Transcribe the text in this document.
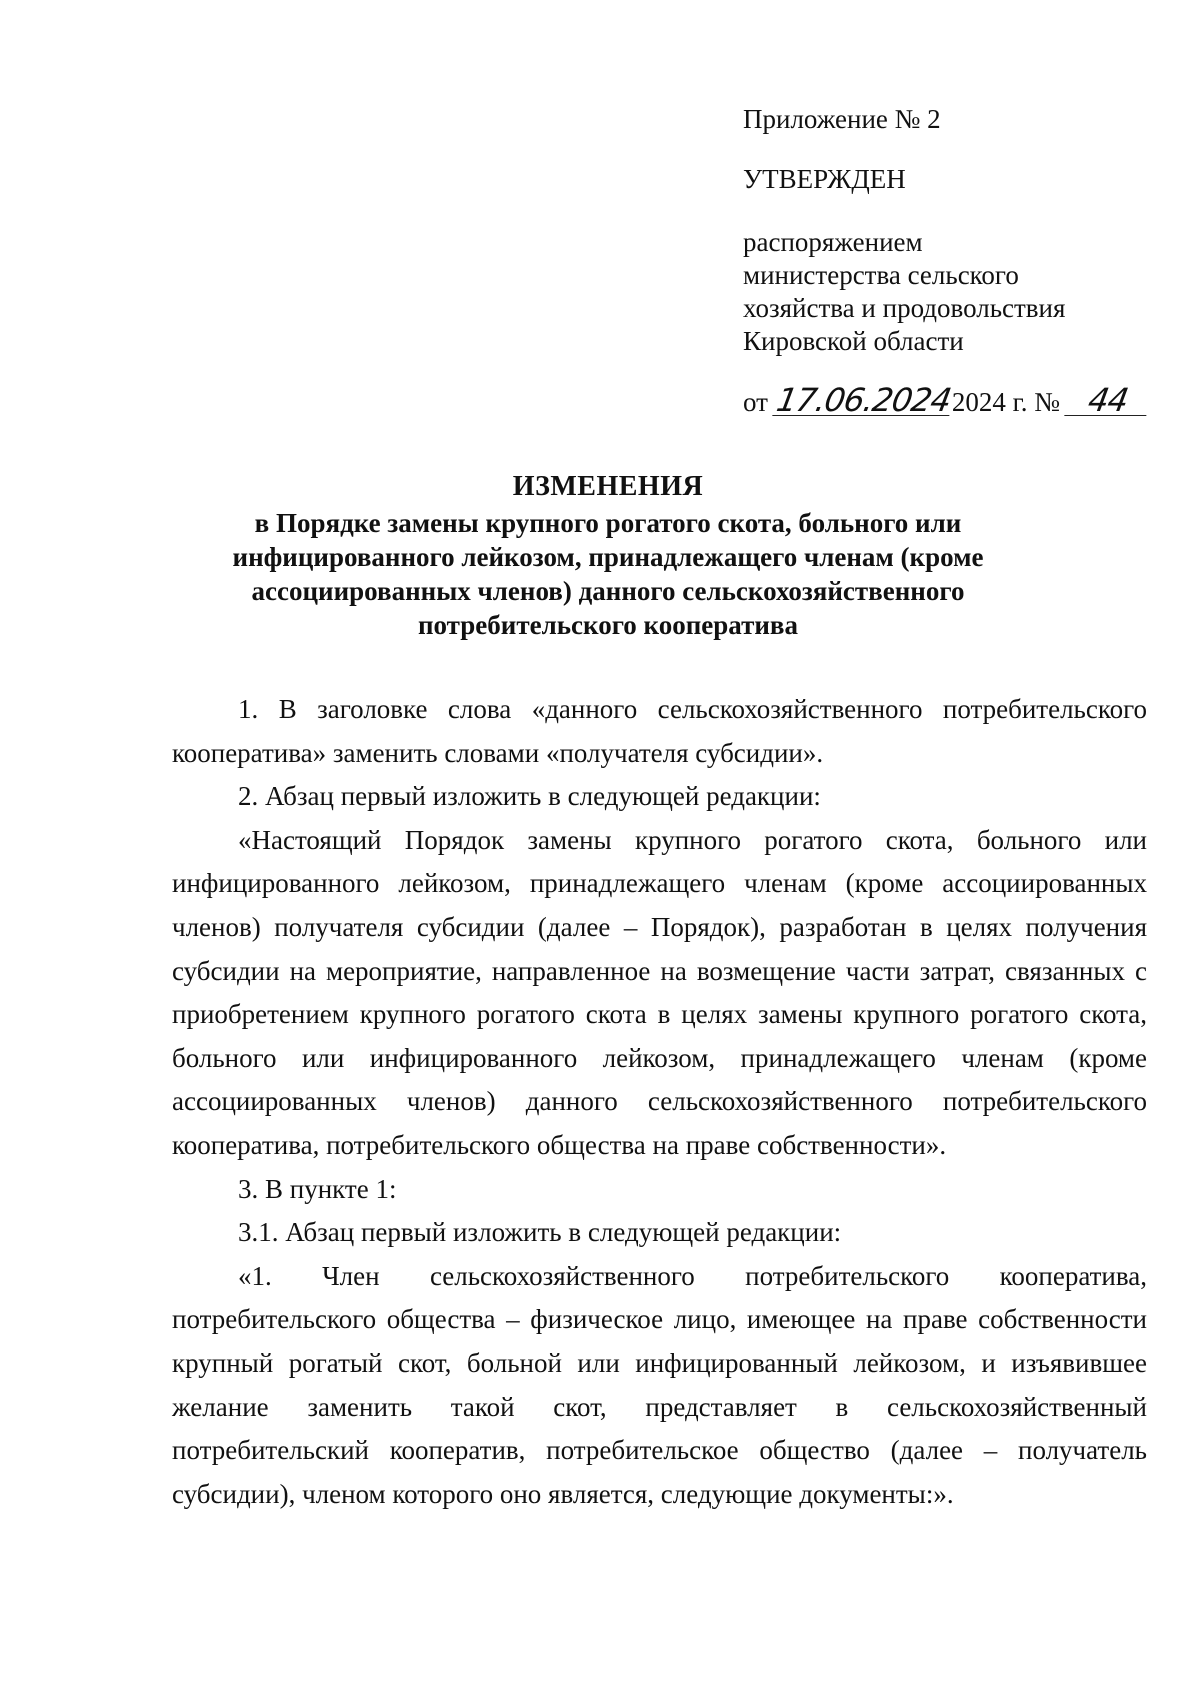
Приложение № 2
УТВЕРЖДЕН
распоряжением
министерства сельского
хозяйства и продовольствия
Кировской области
от 17.06.20242024 г. № 44
ИЗМЕНЕНИЯ
в Порядке замены крупного рогатого скота, больного или
инфицированного лейкозом, принадлежащего членам (кроме
ассоциированных членов) данного сельскохозяйственного
потребительского кооператива

1. В заголовке слова «данного сельскохозяйственного потребительского кооператива» заменить словами «получателя субсидии».

2. Абзац первый изложить в следующей редакции:

«Настоящий Порядок замены крупного рогатого скота, больного или инфицированного лейкозом, принадлежащего членам (кроме ассоциированных членов) получателя субсидии (далее – Порядок), разработан в целях получения субсидии на мероприятие, направленное на возмещение части затрат, связанных с приобретением крупного рогатого скота в целях замены крупного рогатого скота, больного или инфицированного лейкозом, принадлежащего членам (кроме ассоциированных членов) данного сельскохозяйственного потребительского кооператива, потребительского общества на праве собственности».

3. В пункте 1:

3.1. Абзац первый изложить в следующей редакции:

«1. Член сельскохозяйственного потребительского кооператива, потребительского общества – физическое лицо, имеющее на праве собственности крупный рогатый скот, больной или инфицированный лейкозом, и изъявившее желание заменить такой скот, представляет в сельскохозяйственный потребительский кооператив, потребительское общество (далее – получатель субсидии), членом которого оно является, следующие документы:».
